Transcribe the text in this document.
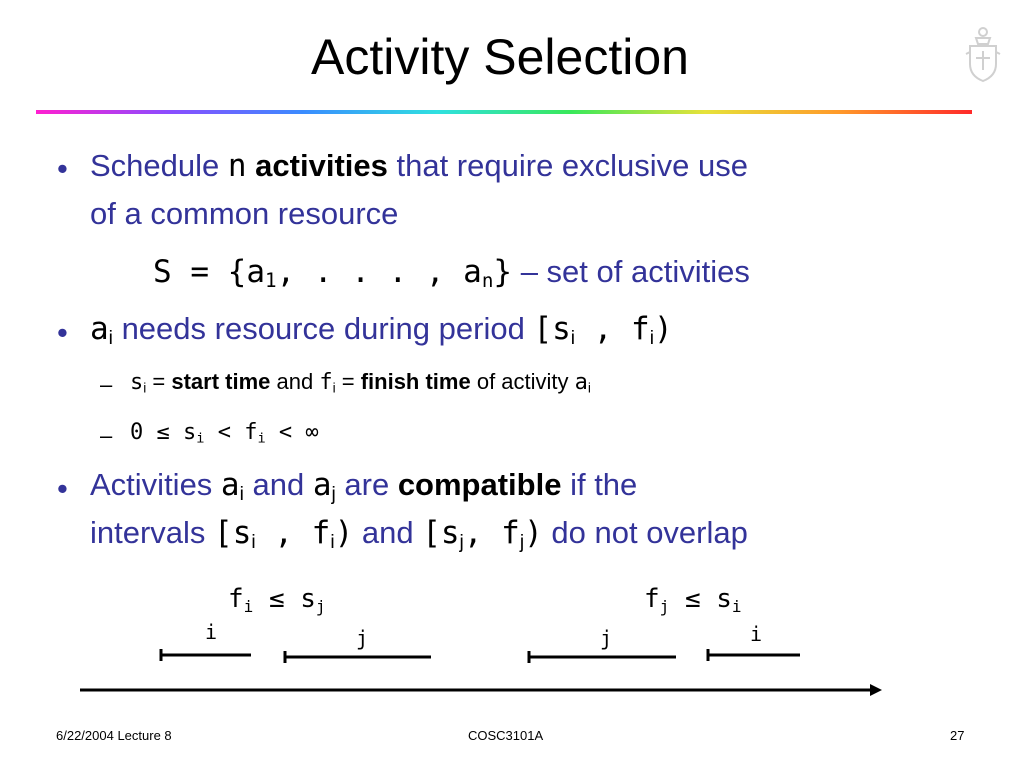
Activity Selection
• Schedule n activities that require exclusive use
of a common resource
$S = \{a_1$, . . . , $a_n$} – set of activities
• $a_i$ needs resource during period [$s_i$ , $f_i$)
– $s_i$ = start time and $f_i$ = finish time of activity $a_i$
– $0 \le s_i < f_i$ < ∞
• Activities $a_i$ and $a_j$ are compatible if the
intervals [$s_i$ , $f_i$) and [$s_j$, $f_j$) do not overlap
fi ≤ sj	fj ≤ si
i	j	j	i
6/22/2004 Lecture 8	COSC3101A	27
